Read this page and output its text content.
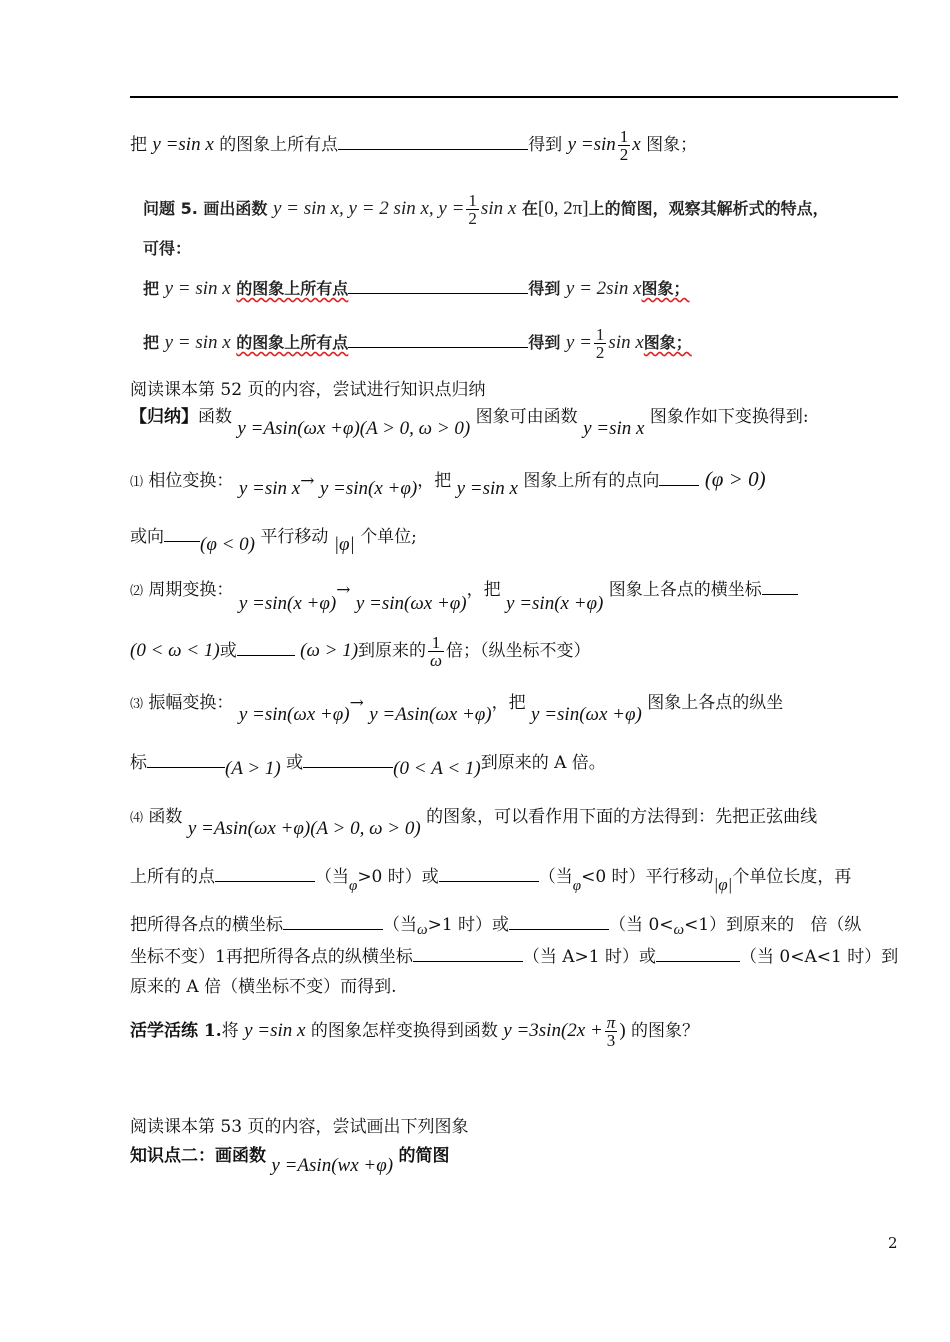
把 y =sin x 的图象上所有点	得到 $y =\sin \frac{1}{2}$ x 图象；
问题 5. 画出函数 y = sin x, y = 2 sin x, $y = \frac{1}{2}$ sin x 在[0, 2π]上的简图，观察其解析式的特点，
可得：
把 y = sin x 的图象上所有点	得到 y = 2sin x图象；
把 y = sin x 的图象上所有点	得到 $y = \frac{1}{2}$ sin x图象；
阅读课本第 52 页的内容，尝试进行知识点归纳
【归纳】函数 y =Asin(ωx +φ)(A > 0, ω > 0) 图象可由函数 y =sin x 图象作如下变换得到:
⑴ 相位变换： y =sin x→ y =sin(x +φ)，把 y =sin x 图象上所有的点向 (φ > 0)
或向 (φ < 0) 平行移动 |φ| 个单位;
⑵ 周期变换： y =sin(x +φ)→ y =sin(ωx +φ)，把 y =sin(x +φ) 图象上各点的横坐标
(0 < ω < 1)或	(ω > 1)到原来的 $\frac{1}{\omega}$ 倍；（纵坐标不变）
⑶ 振幅变换： y =sin(ωx +φ)→ y =Asin(ωx +φ)，把 y =sin(ωx +φ) 图象上各点的纵坐
标	(A > 1) 或	(0 < A < 1)到原来的 A 倍。
⑷ 函数 y =Asin(ωx +φ)(A > 0, ω > 0) 的图象，可以看作用下面的方法得到：先把正弦曲线
上所有的点	（当φ>0 时）或	（当φ<0 时）平行移动|φ|个单位长度，再
把所得各点的横坐标	（当ω>1 时）或	（当 0<ω<1）到原来的 倍（纵
坐标不变）1再把所得各点的纵横坐标	（当 A>1 时）或	（当 0<A<1 时）到
原来的 A 倍（横坐标不变）而得到.
活学活练 1.将 y =sin x 的图象怎样变换得到函数 $y =3\sin(2x + \frac{\pi}{3}$ ) 的图象？
阅读课本第 53 页的内容，尝试画出下列图象
知识点二：画函数 y =Asin(wx +φ) 的简图
2
